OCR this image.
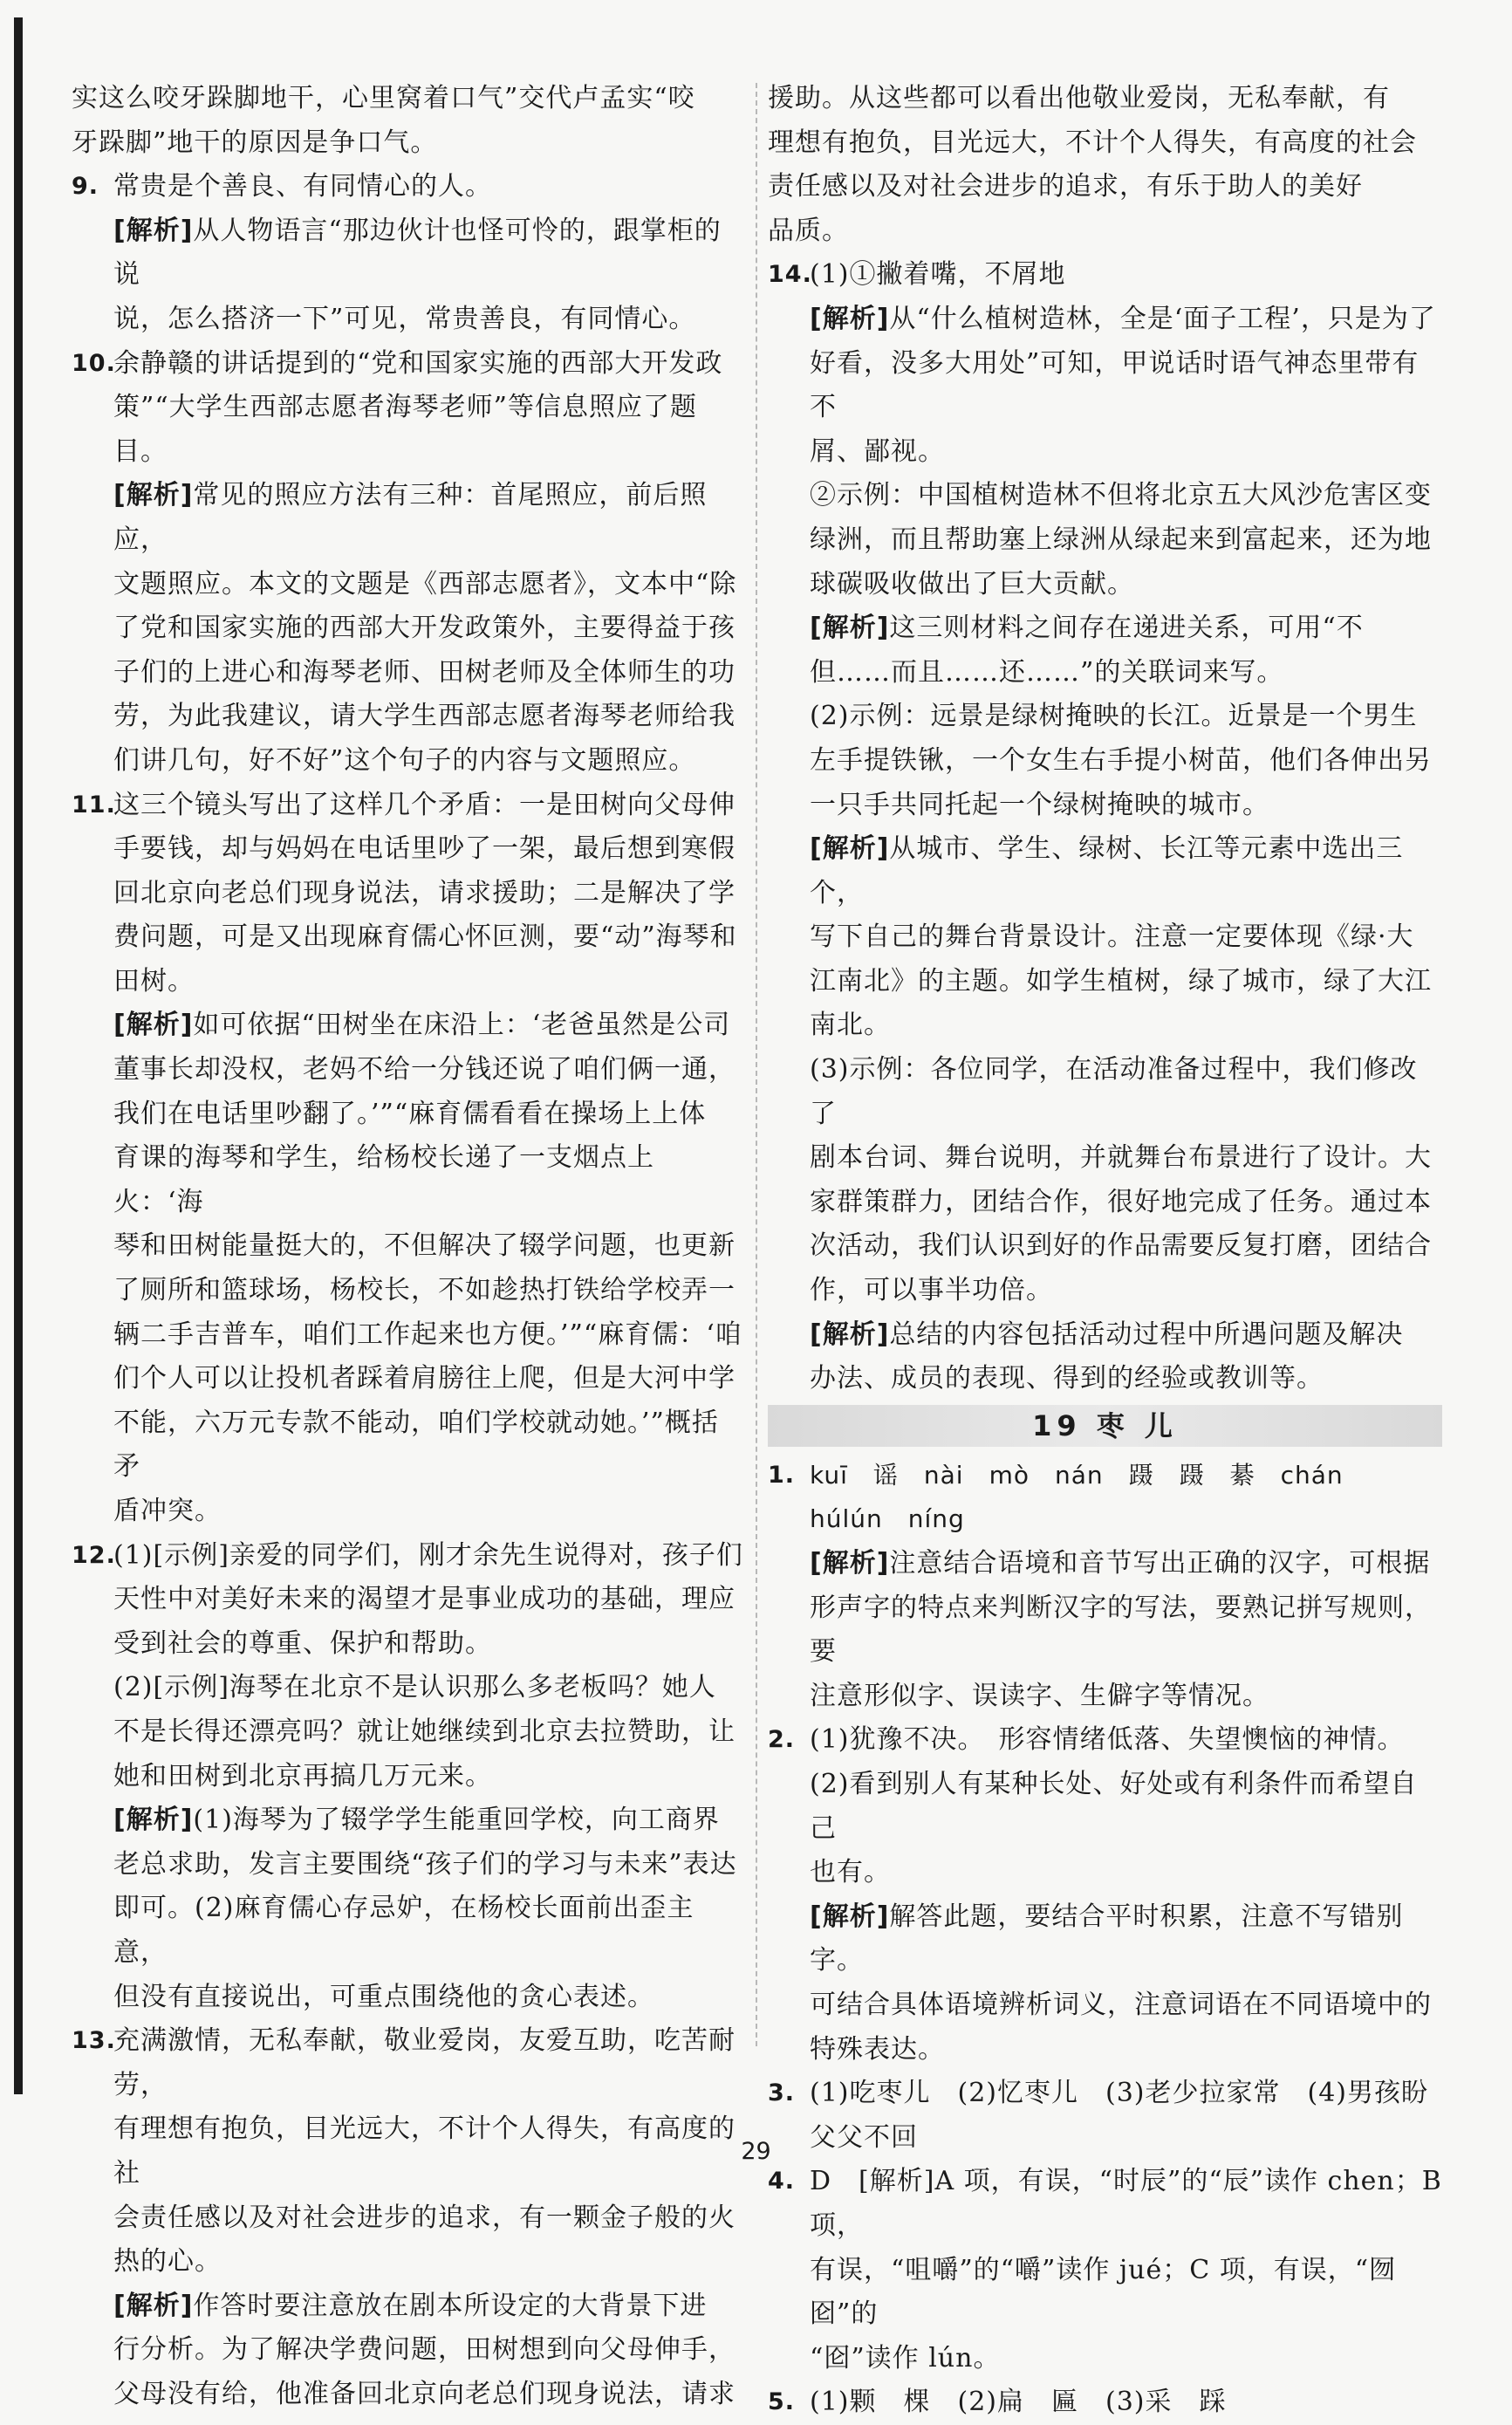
实这么咬牙跺脚地干，心里窝着口气”交代卢孟实“咬
牙跺脚”地干的原因是争口气。
9. 常贵是个善良、有同情心的人。
[解析]从人物语言“那边伙计也怪可怜的，跟掌柜的说
说，怎么搭济一下”可见，常贵善良，有同情心。
10.
余静赣的讲话提到的“党和国家实施的西部大开发政
策”“大学生西部志愿者海琴老师”等信息照应了题目。
[解析]常见的照应方法有三种：首尾照应，前后照应，
文题照应。本文的文题是《西部志愿者》，文本中“除
了党和国家实施的西部大开发政策外，主要得益于孩
子们的上进心和海琴老师、田树老师及全体师生的功
劳，为此我建议，请大学生西部志愿者海琴老师给我
们讲几句，好不好”这个句子的内容与文题照应。
11.
这三个镜头写出了这样几个矛盾：一是田树向父母伸
手要钱，却与妈妈在电话里吵了一架，最后想到寒假
回北京向老总们现身说法，请求援助；二是解决了学
费问题，可是又出现麻育儒心怀叵测，要“动”海琴和
田树。
[解析]如可依据“田树坐在床沿上：‘老爸虽然是公司
董事长却没权，老妈不给一分钱还说了咱们俩一通，
我们在电话里吵翻了。’”“麻育儒看看在操场上上体
育课的海琴和学生，给杨校长递了一支烟点上火：‘海
琴和田树能量挺大的，不但解决了辍学问题，也更新
了厕所和篮球场，杨校长，不如趁热打铁给学校弄一
辆二手吉普车，咱们工作起来也方便。’”“麻育儒：‘咱
们个人可以让投机者踩着肩膀往上爬，但是大河中学
不能，六万元专款不能动，咱们学校就动她。’”概括矛
盾冲突。
12.
(1)[示例]亲爱的同学们，刚才余先生说得对，孩子们
天性中对美好未来的渴望才是事业成功的基础，理应
受到社会的尊重、保护和帮助。
(2)[示例]海琴在北京不是认识那么多老板吗？她人
不是长得还漂亮吗？就让她继续到北京去拉赞助，让
她和田树到北京再搞几万元来。
[解析](1)海琴为了辍学学生能重回学校，向工商界
老总求助，发言主要围绕“孩子们的学习与未来”表达
即可。(2)麻育儒心存忌妒，在杨校长面前出歪主意，
但没有直接说出，可重点围绕他的贪心表述。
13.
充满激情，无私奉献，敬业爱岗，友爱互助，吃苦耐劳，
有理想有抱负，目光远大，不计个人得失，有高度的社
会责任感以及对社会进步的追求，有一颗金子般的火
热的心。
[解析]作答时要注意放在剧本所设定的大背景下进
行分析。为了解决学费问题，田树想到向父母伸手，
父母没有给，他准备回北京向老总们现身说法，请求
援助。从这些都可以看出他敬业爱岗，无私奉献，有
理想有抱负，目光远大，不计个人得失，有高度的社会
责任感以及对社会进步的追求，有乐于助人的美好
品质。
14.
(1)①撇着嘴，不屑地
[解析]从“什么植树造林，全是‘面子工程’，只是为了
好看，没多大用处”可知，甲说话时语气神态里带有不
屑、鄙视。
②示例：中国植树造林不但将北京五大风沙危害区变
绿洲，而且帮助塞上绿洲从绿起来到富起来，还为地
球碳吸收做出了巨大贡献。
[解析]这三则材料之间存在递进关系，可用“不
但……而且……还……”的关联词来写。
(2)示例：远景是绿树掩映的长江。近景是一个男生
左手提铁锹，一个女生右手提小树苗，他们各伸出另
一只手共同托起一个绿树掩映的城市。
[解析]从城市、学生、绿树、长江等元素中选出三个，
写下自己的舞台背景设计。注意一定要体现《绿·大
江南北》的主题。如学生植树，绿了城市，绿了大江
南北。
(3)示例：各位同学，在活动准备过程中，我们修改了
剧本台词、舞台说明，并就舞台布景进行了设计。大
家群策群力，团结合作，很好地完成了任务。通过本
次活动，我们认识到好的作品需要反复打磨，团结合
作，可以事半功倍。
[解析]总结的内容包括活动过程中所遇问题及解决
办法、成员的表现、得到的经验或教训等。
19 枣 儿
1. kuī　谣　nài　mò　nán　蹑　蹑　綦　chán
húlún　níng
[解析]注意结合语境和音节写出正确的汉字，可根据
形声字的特点来判断汉字的写法，要熟记拼写规则，要
注意形似字、误读字、生僻字等情况。
2. (1)犹豫不决。　形容情绪低落、失望懊恼的神情。
(2)看到别人有某种长处、好处或有利条件而希望自己
也有。
[解析]解答此题，要结合平时积累，注意不写错别字。
可结合具体语境辨析词义，注意词语在不同语境中的
特殊表达。
3. (1)吃枣儿　(2)忆枣儿　(3)老少拉家常　(4)男孩盼
父父不回
4. D　[解析]A 项，有误，“时辰”的“辰”读作 chen；B 项，
有误，“咀嚼”的“嚼”读作 jué；C 项，有误，“囫囵”的
“囵”读作 lún。
5. (1)颗　棵　(2)扁　匾　(3)采　踩
29
